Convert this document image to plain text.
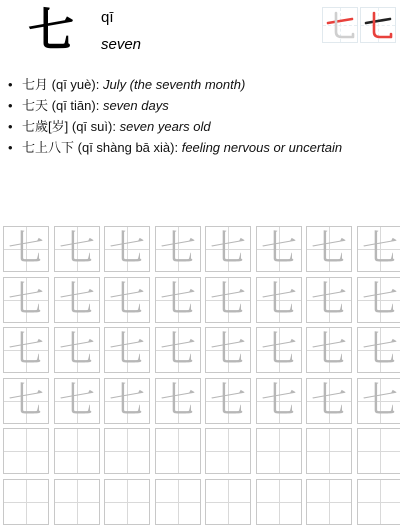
七 qī
seven
• 七月 (qī yuè): July (the seventh month)
• 七天 (qī tiān): seven days
• 七歲[岁] (qī suì): seven years old
• 七上八下 (qī shàng bā xià): feeling nervous or uncertain
七 七 七 七 七 七 七 七
七 七 七 七 七 七 七 七
七 七 七 七 七 七 七 七
七 七 七 七 七 七 七 七
